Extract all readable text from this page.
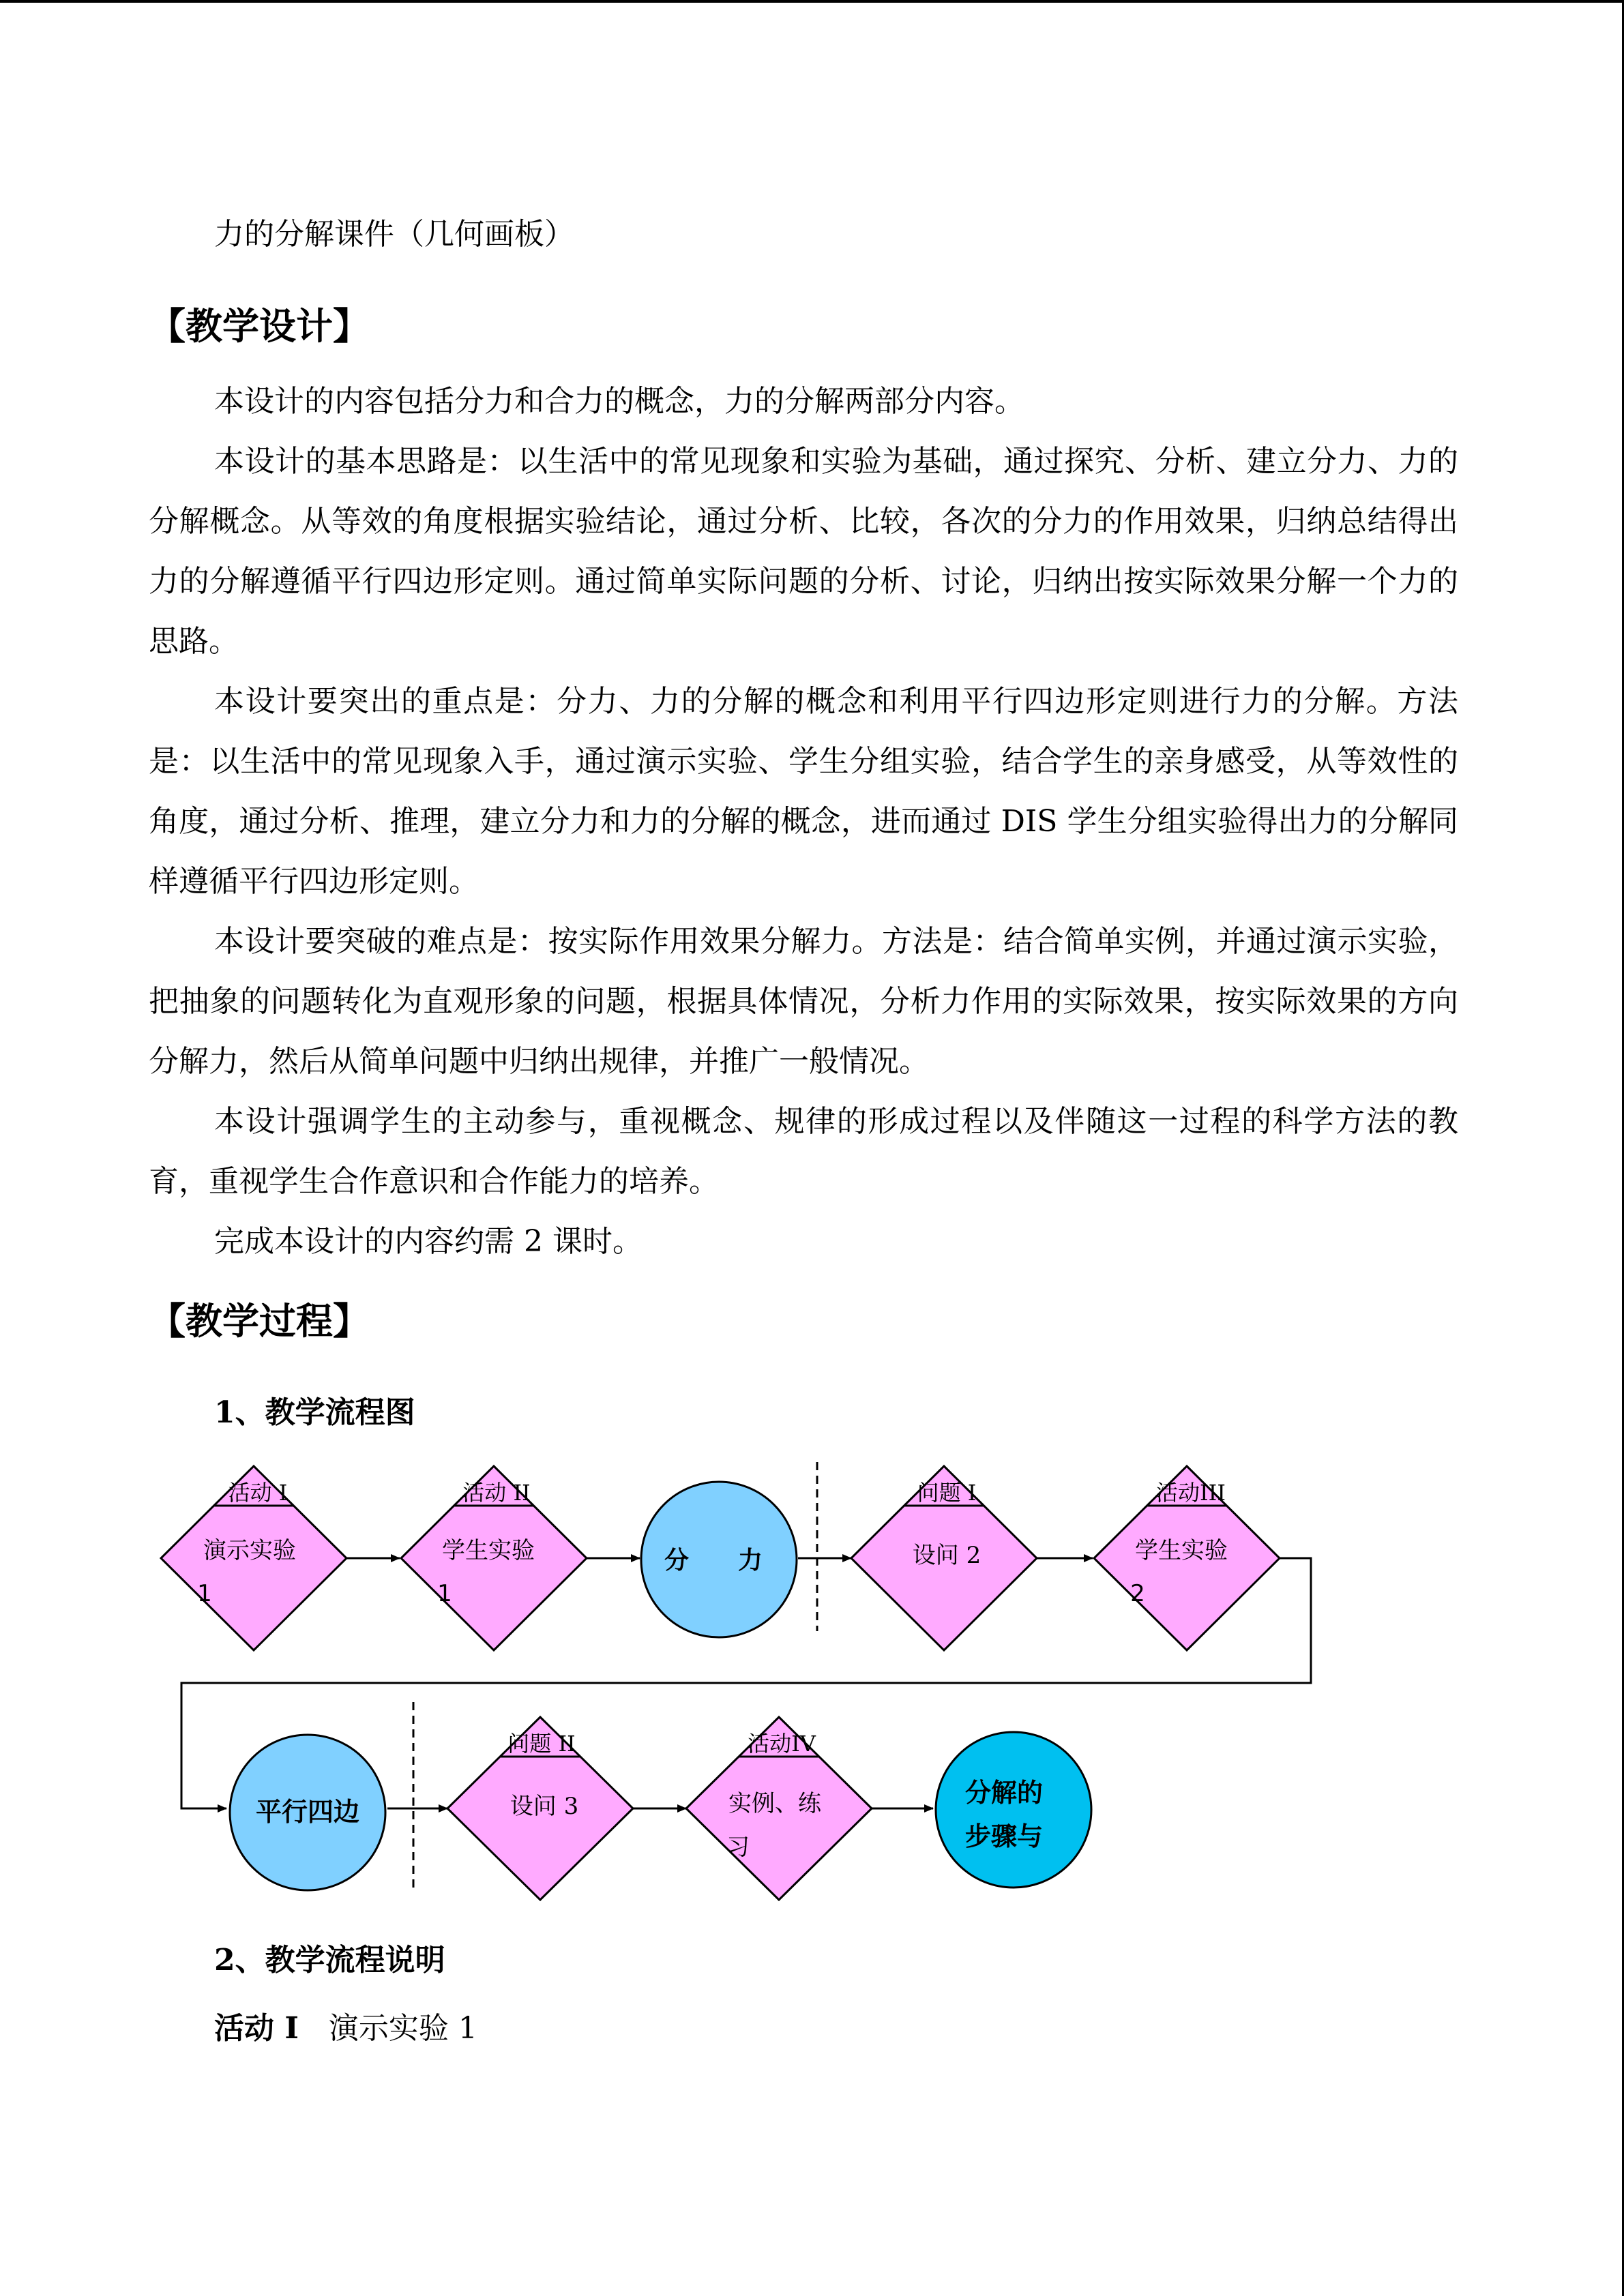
力的分解课件（几何画板）
【教学设计】

本设计的内容包括分力和合力的概念，力的分解两部分内容。

本设计的基本思路是：以生活中的常见现象和实验为基础，通过探究、分析、建立分力、力的分解概念。从等效的角度根据实验结论，通过分析、比较，各次的分力的作用效果，归纳总结得出力的分解遵循平行四边形定则。通过简单实际问题的分析、讨论，归纳出按实际效果分解一个力的思路。

本设计要突出的重点是：分力、力的分解的概念和利用平行四边形定则进行力的分解。方法是：以生活中的常见现象入手，通过演示实验、学生分组实验，结合学生的亲身感受，从等效性的角度，通过分析、推理，建立分力和力的分解的概念，进而通过 DIS 学生分组实验得出力的分解同样遵循平行四边形定则。

本设计要突破的难点是：按实际作用效果分解力。方法是：结合简单实例，并通过演示实验，把抽象的问题转化为直观形象的问题，根据具体情况，分析力作用的实际效果，按实际效果的方向分解力，然后从简单问题中归纳出规律，并推广一般情况。

本设计强调学生的主动参与，重视概念、规律的形成过程以及伴随这一过程的科学方法的教育，重视学生合作意识和合作能力的培养。

完成本设计的内容约需 2 课时。

【教学过程】
1、教学流程图
活动 I
演示实验
1
活动 II
学生实验
1
分　　力
问题 I
设问 2
活动III
学生实验
2
平行四边
问题 II
设问 3
活动IV
实例、练
习
分解的
步骤与
2、教学流程说明
活动 I 演示实验 1
